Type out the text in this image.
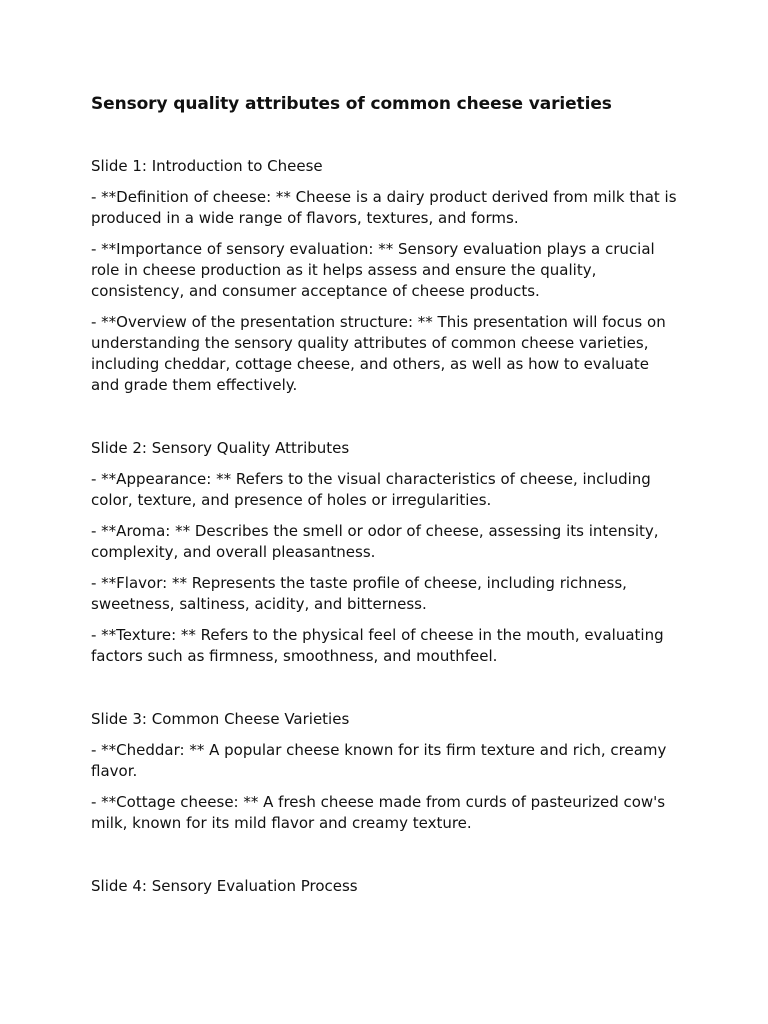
Sensory quality attributes of common cheese varieties

Slide 1: Introduction to Cheese

- **Definition of cheese: ** Cheese is a dairy product derived from milk that is produced in a wide range of flavors, textures, and forms.

- **Importance of sensory evaluation: ** Sensory evaluation plays a crucial role in cheese production as it helps assess and ensure the quality, consistency, and consumer acceptance of cheese products.

- **Overview of the presentation structure: ** This presentation will focus on understanding the sensory quality attributes of common cheese varieties, including cheddar, cottage cheese, and others, as well as how to evaluate and grade them effectively.

Slide 2: Sensory Quality Attributes

- **Appearance: ** Refers to the visual characteristics of cheese, including color, texture, and presence of holes or irregularities.

- **Aroma: ** Describes the smell or odor of cheese, assessing its intensity, complexity, and overall pleasantness.

- **Flavor: ** Represents the taste profile of cheese, including richness, sweetness, saltiness, acidity, and bitterness.

- **Texture: ** Refers to the physical feel of cheese in the mouth, evaluating factors such as firmness, smoothness, and mouthfeel.

Slide 3: Common Cheese Varieties

- **Cheddar: ** A popular cheese known for its firm texture and rich, creamy flavor.

- **Cottage cheese: ** A fresh cheese made from curds of pasteurized cow's milk, known for its mild flavor and creamy texture.

Slide 4: Sensory Evaluation Process
